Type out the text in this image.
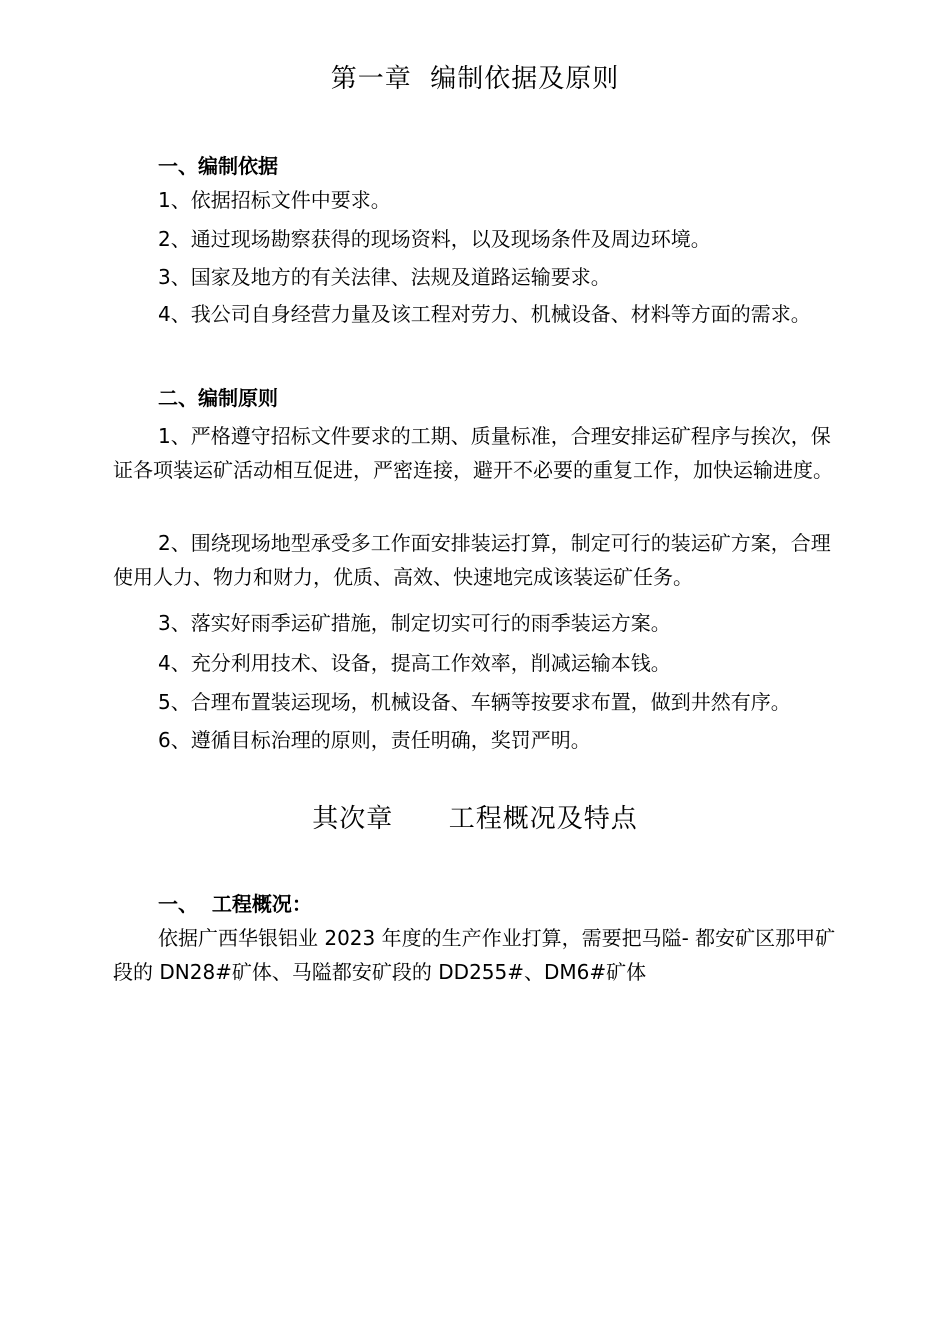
第一章  编制依据及原则
一、编制依据
1、依据招标文件中要求。
2、通过现场勘察获得的现场资料，以及现场条件及周边环境。
3、国家及地方的有关法律、法规及道路运输要求。
4、我公司自身经营力量及该工程对劳力、机械设备、材料等方面的需求。
二、编制原则
1、严格遵守招标文件要求的工期、质量标准，合理安排运矿程序与挨次，保证各项装运矿活动相互促进，严密连接，避开不必要的重复工作，加快运输进度。
2、围绕现场地型承受多工作面安排装运打算，制定可行的装运矿方案，合理使用人力、物力和财力，优质、高效、快速地完成该装运矿任务。
3、落实好雨季运矿措施，制定切实可行的雨季装运方案。
4、充分利用技术、设备，提高工作效率，削减运输本钱。
5、合理布置装运现场，机械设备、车辆等按要求布置，做到井然有序。
6、遵循目标治理的原则，责任明确，奖罚严明。
其次章      工程概况及特点
一、  工程概况：
依据广西华银铝业 2023 年度的生产作业打算，需要把马隘- 都安矿区那甲矿段的 DN28#矿体、马隘都安矿段的 DD255#、DM6#矿体
